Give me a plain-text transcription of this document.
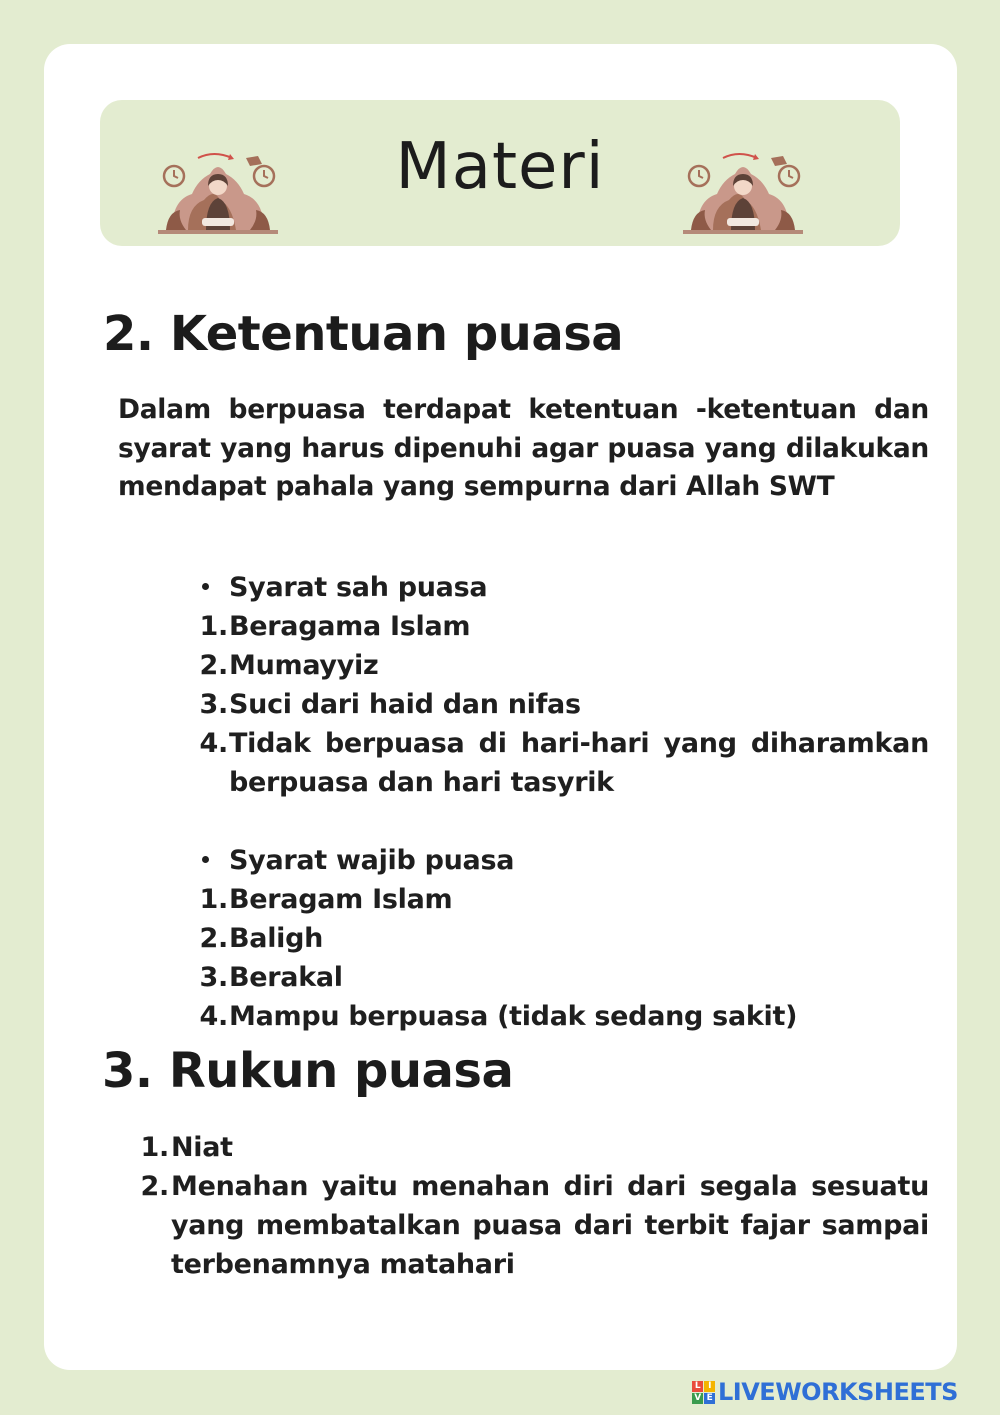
Materi
2. Ketentuan puasa

Dalam berpuasa terdapat ketentuan -ketentuan dan syarat yang harus dipenuhi agar puasa yang dilakukan mendapat pahala yang sempurna dari Allah SWT

Syarat sah puasa
1. Beragama Islam
2. Mumayyiz
3. Suci dari haid dan nifas
4. Tidak berpuasa di hari-hari yang diharamkan berpuasa dan hari tasyrik
Syarat wajib puasa
1. Beragam Islam
2. Baligh
3. Berakal
4. Mampu berpuasa (tidak sedang sakit)
3. Rukun puasa
1. Niat
2. Menahan yaitu menahan diri dari segala sesuatu yang membatalkan puasa dari terbit fajar sampai terbenamnya matahari
L I
V E LIVEWORKSHEETS
